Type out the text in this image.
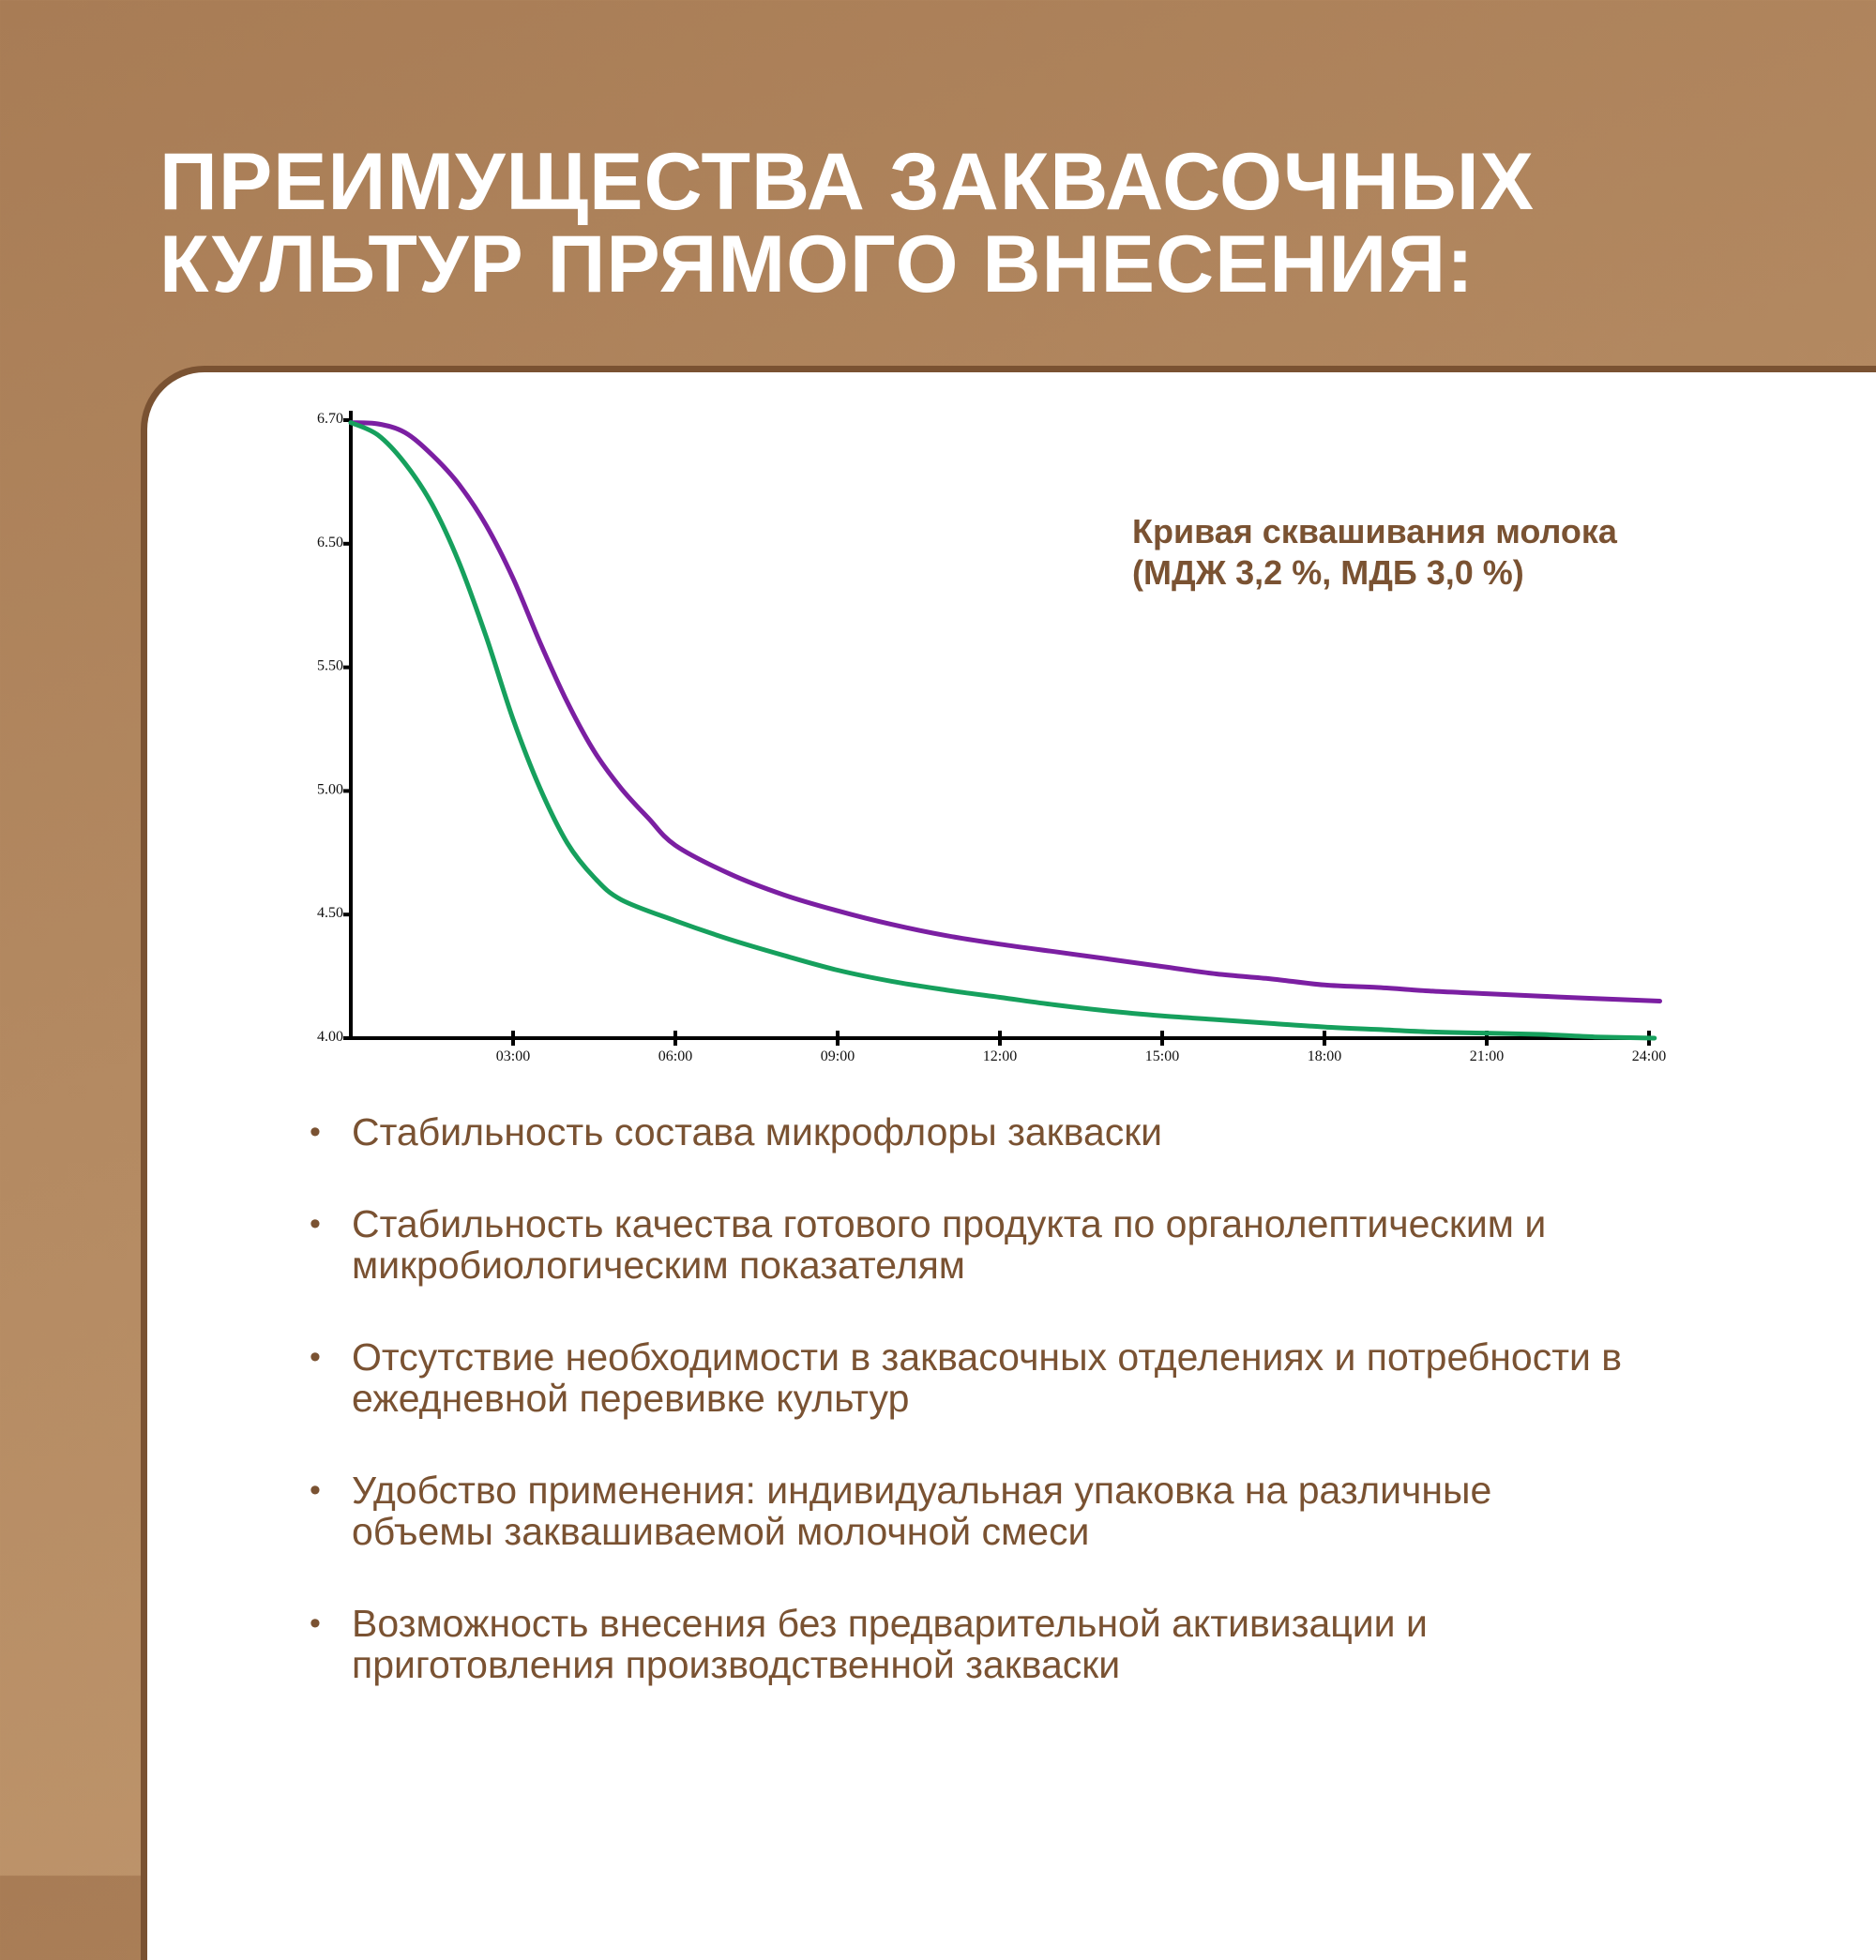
ПРЕИМУЩЕСТВА ЗАКВАСОЧНЫХ
КУЛЬТУР ПРЯМОГО ВНЕСЕНИЯ:
6.70
6.50
5.50
5.00
4.50
4.00
03:00	06:00	09:00	12:00	15:00	18:00	21:00	24:00
Кривая сквашивания молока
(МДЖ 3,2 %, МДБ 3,0 %)
• Стабильность состава микрофлоры закваски
• Стабильность качества готового продукта по органолептическим и
микробиологическим показателям
• Отсутствие необходимости в заквасочных отделениях и потребности в
ежедневной перевивке культур
• Удобство применения: индивидуальная упаковка на различные
объемы заквашиваемой молочной смеси
• Возможность внесения без предварительной активизации и
приготовления производственной закваски
